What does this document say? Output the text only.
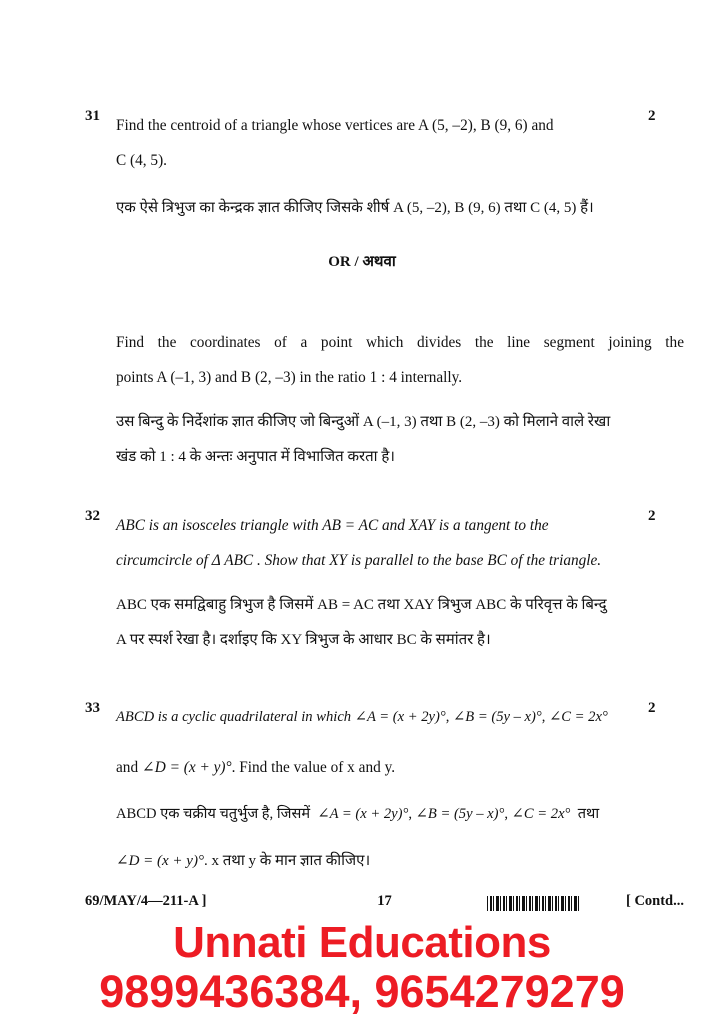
31	2
Find the centroid of a triangle whose vertices are A (5, –2), B (9, 6) and
C (4, 5).
एक ऐसे त्रिभुज का केन्द्रक ज्ञात कीजिए जिसके शीर्ष A (5, –2), B (9, 6) तथा C (4, 5) हैं।
OR / अथवा
Find the coordinates of a point which divides the line segment joining the
points A (–1, 3) and B (2, –3) in the ratio 1 : 4 internally.
उस बिन्दु के निर्देशांक ज्ञात कीजिए जो बिन्दुओं A (–1, 3) तथा B (2, –3) को मिलाने वाले रेखा
खंड को 1 : 4 के अन्तः अनुपात में विभाजित करता है।
32	2
ABC is an isosceles triangle with AB = AC and XAY is a tangent to the
circumcircle of Δ ABC . Show that XY is parallel to the base BC of the triangle.
ABC एक समद्विबाहु त्रिभुज है जिसमें AB = AC तथा XAY त्रिभुज ABC के परिवृत्त के बिन्दु
A पर स्पर्श रेखा है। दर्शाइए कि XY त्रिभुज के आधार BC के समांतर है।
33	2
ABCD is a cyclic quadrilateral in which ∠A = (x + 2y)°, ∠B = (5y – x)°, ∠C = 2x°
and ∠D = (x + y)°. Find the value of x and y.
ABCD एक चक्रीय चतुर्भुज है, जिसमें ∠A = (x + 2y)°, ∠B = (5y – x)°, ∠C = 2x° तथा
∠D = (x + y)°. x तथा y के मान ज्ञात कीजिए।
69/MAY/4—211-A ]	17	[ Contd...
Unnati Educations
9899436384, 9654279279
